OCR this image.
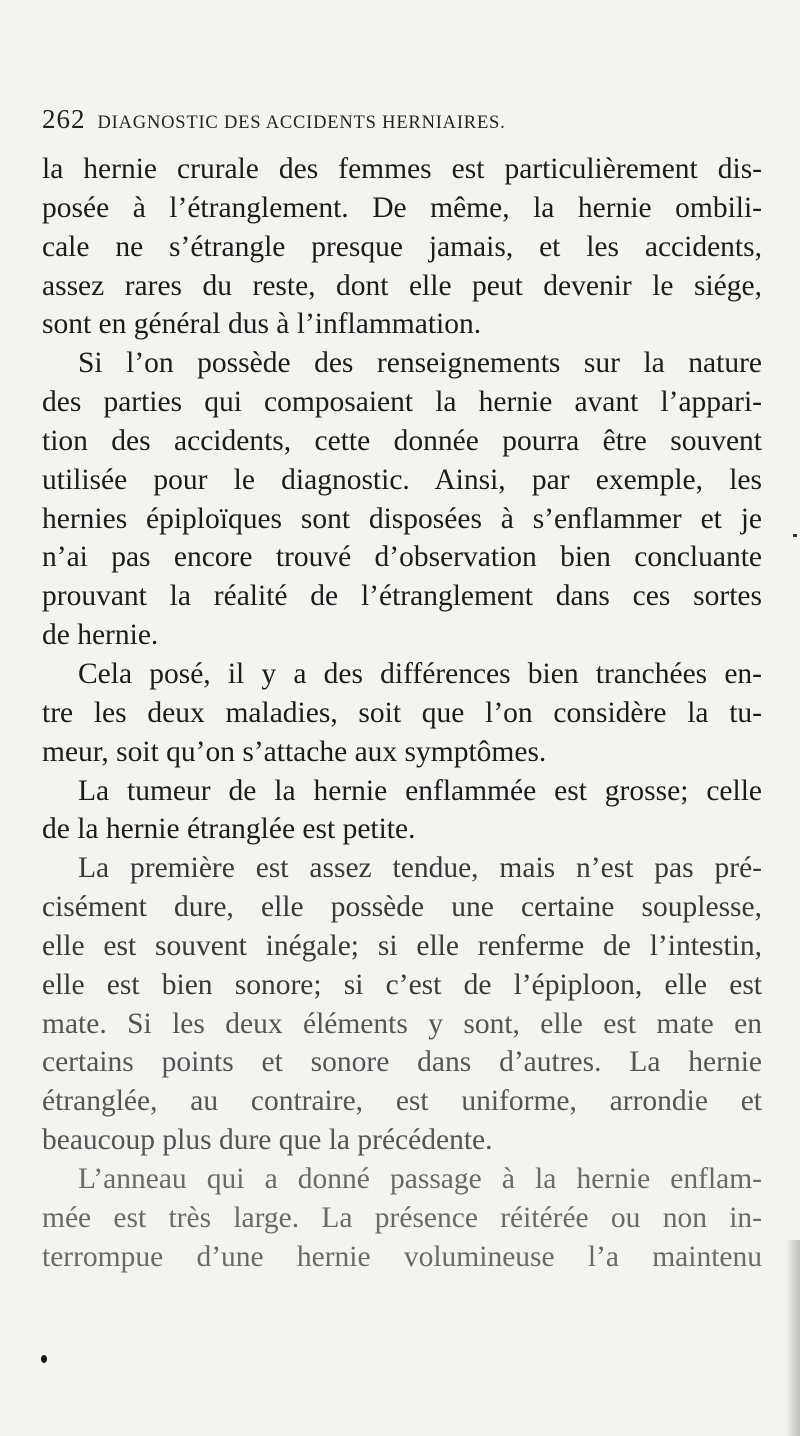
262 DIAGNOSTIC DES ACCIDENTS HERNIAIRES.
la hernie crurale des femmes est particulièrement dis-
posée à l’étranglement. De même, la hernie ombili-
cale ne s’étrangle presque jamais, et les accidents,
assez rares du reste, dont elle peut devenir le siége,
sont en général dus à l’inflammation.
Si l’on possède des renseignements sur la nature
des parties qui composaient la hernie avant l’appari-
tion des accidents, cette donnée pourra être souvent
utilisée pour le diagnostic. Ainsi, par exemple, les
hernies épiploïques sont disposées à s’enflammer et je
n’ai pas encore trouvé d’observation bien concluante
prouvant la réalité de l’étranglement dans ces sortes
de hernie.
Cela posé, il y a des différences bien tranchées en-
tre les deux maladies, soit que l’on considère la tu-
meur, soit qu’on s’attache aux symptômes.
La tumeur de la hernie enflammée est grosse; celle
de la hernie étranglée est petite.
La première est assez tendue, mais n’est pas pré-
cisément dure, elle possède une certaine souplesse,
elle est souvent inégale; si elle renferme de l’intestin,
elle est bien sonore; si c’est de l’épiploon, elle est
mate. Si les deux éléments y sont, elle est mate en
certains points et sonore dans d’autres. La hernie
étranglée, au contraire, est uniforme, arrondie et
beaucoup plus dure que la précédente.
L’anneau qui a donné passage à la hernie enflam-
mée est très large. La présence réitérée ou non in-
terrompue d’une hernie volumineuse l’a maintenu
